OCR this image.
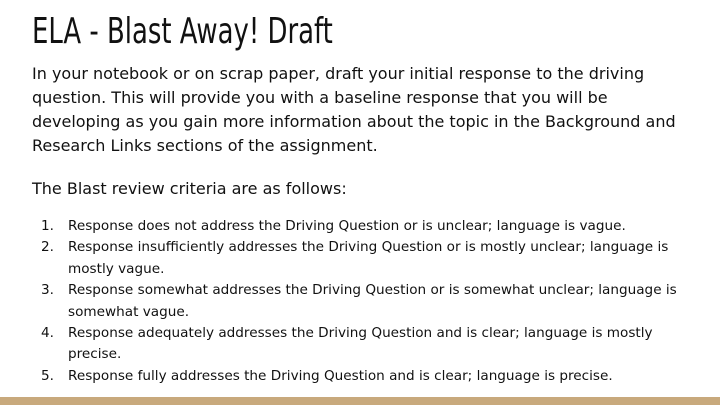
ELA - Blast Away! Draft

In your notebook or on scrap paper, draft your initial response to the driving question. This will provide you with a baseline response that you will be developing as you gain more information about the topic in the Background and Research Links sections of the assignment.

The Blast review criteria are as follows:

1. Response does not address the Driving Question or is unclear; language is vague.
2. Response insufficiently addresses the Driving Question or is mostly unclear; language is mostly vague.
3. Response somewhat addresses the Driving Question or is somewhat unclear; language is somewhat vague.
4. Response adequately addresses the Driving Question and is clear; language is mostly precise.
5. Response fully addresses the Driving Question and is clear; language is precise.
